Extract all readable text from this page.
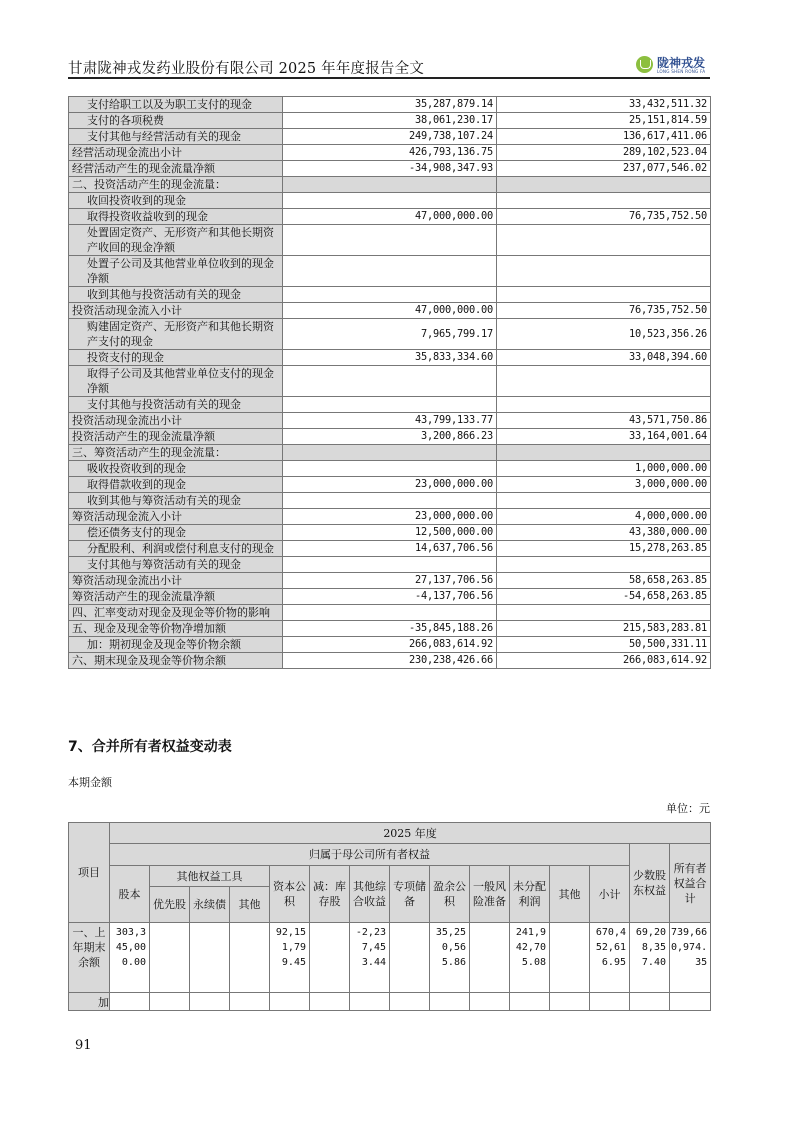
甘肃陇神戎发药业股份有限公司 2025 年年度报告全文	陇神戎发
LONG SHEN RONG FA
支付给职工以及为职工支付的现金	35,287,879.14	33,432,511.32
支付的各项税费	38,061,230.17	25,151,814.59
支付其他与经营活动有关的现金	249,738,107.24	136,617,411.06
经营活动现金流出小计	426,793,136.75	289,102,523.04
经营活动产生的现金流量净额	-34,908,347.93	237,077,546.02
二、投资活动产生的现金流量：		
收回投资收到的现金		
取得投资收益收到的现金	47,000,000.00	76,735,752.50
处置固定资产、无形资产和其他长期资产收回的现金净额		
处置子公司及其他营业单位收到的现金净额		
收到其他与投资活动有关的现金		
投资活动现金流入小计	47,000,000.00	76,735,752.50
购建固定资产、无形资产和其他长期资产支付的现金	7,965,799.17	10,523,356.26
投资支付的现金	35,833,334.60	33,048,394.60
取得子公司及其他营业单位支付的现金净额		
支付其他与投资活动有关的现金		
投资活动现金流出小计	43,799,133.77	43,571,750.86
投资活动产生的现金流量净额	3,200,866.23	33,164,001.64
三、筹资活动产生的现金流量：		
吸收投资收到的现金		1,000,000.00
取得借款收到的现金	23,000,000.00	3,000,000.00
收到其他与筹资活动有关的现金		
筹资活动现金流入小计	23,000,000.00	4,000,000.00
偿还债务支付的现金	12,500,000.00	43,380,000.00
分配股利、利润或偿付利息支付的现金	14,637,706.56	15,278,263.85
支付其他与筹资活动有关的现金		
筹资活动现金流出小计	27,137,706.56	58,658,263.85
筹资活动产生的现金流量净额	-4,137,706.56	-54,658,263.85
四、汇率变动对现金及现金等价物的影响		
五、现金及现金等价物净增加额	-35,845,188.26	215,583,283.81
加：期初现金及现金等价物余额	266,083,614.92	50,500,331.11
六、期末现金及现金等价物余额	230,238,426.66	266,083,614.92
7、合并所有者权益变动表
本期金额
单位：元
项目	2025 年度														
	归属于母公司所有者权益													少数股东权益	所有者权益合计
	股本	其他权益工具			资本公积	减：库存股	其他综合收益	专项储备	盈余公积	一般风险准备	未分配利润	其他	小计		
		优先股	永续债	其他											
一、上年期末余额	303,345,000.00				92,151,799.45		-2,237,453.44		35,250,565.86		241,942,705.08		670,452,616.95	69,208,357.40	739,660,974.35
加															
91
